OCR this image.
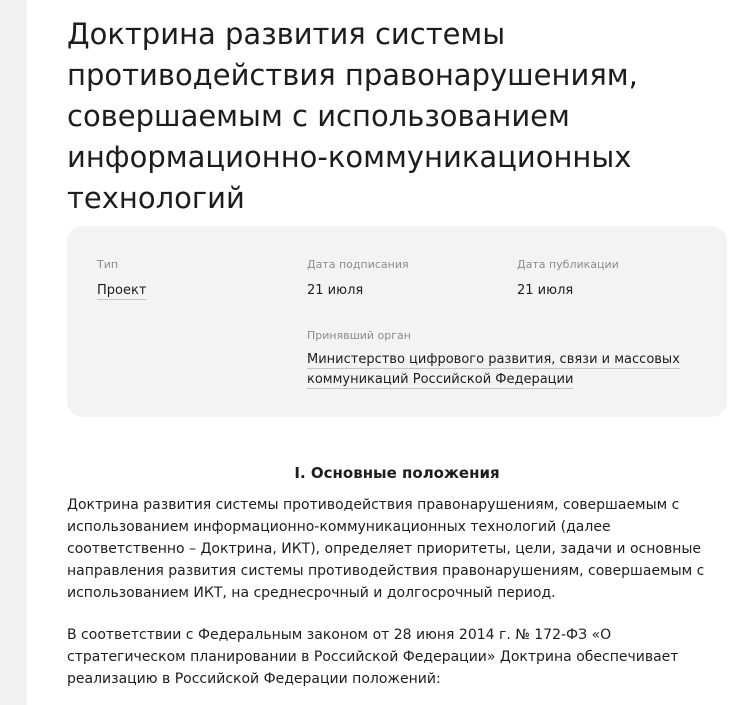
Доктрина развития системы противодействия правонарушениям, совершаемым с использованием информационно-коммуникационных технологий
Тип
Проект
Дата подписания
21 июля
Дата публикации
21 июля
Принявший орган
Министерство цифрового развития, связи и массовых коммуникаций Российской Федерации
I. Основные положения

Доктрина развития системы противодействия правонарушениям, совершаемым с использованием информационно-коммуникационных технологий (далее соответственно – Доктрина, ИКТ), определяет приоритеты, цели, задачи и основные направления развития системы противодействия правонарушениям, совершаемым с использованием ИКТ, на среднесрочный и долгосрочный период.

В соответствии с Федеральным законом от 28 июня 2014 г. № 172-ФЗ «О стратегическом планировании в Российской Федерации» Доктрина обеспечивает реализацию в Российской Федерации положений:
